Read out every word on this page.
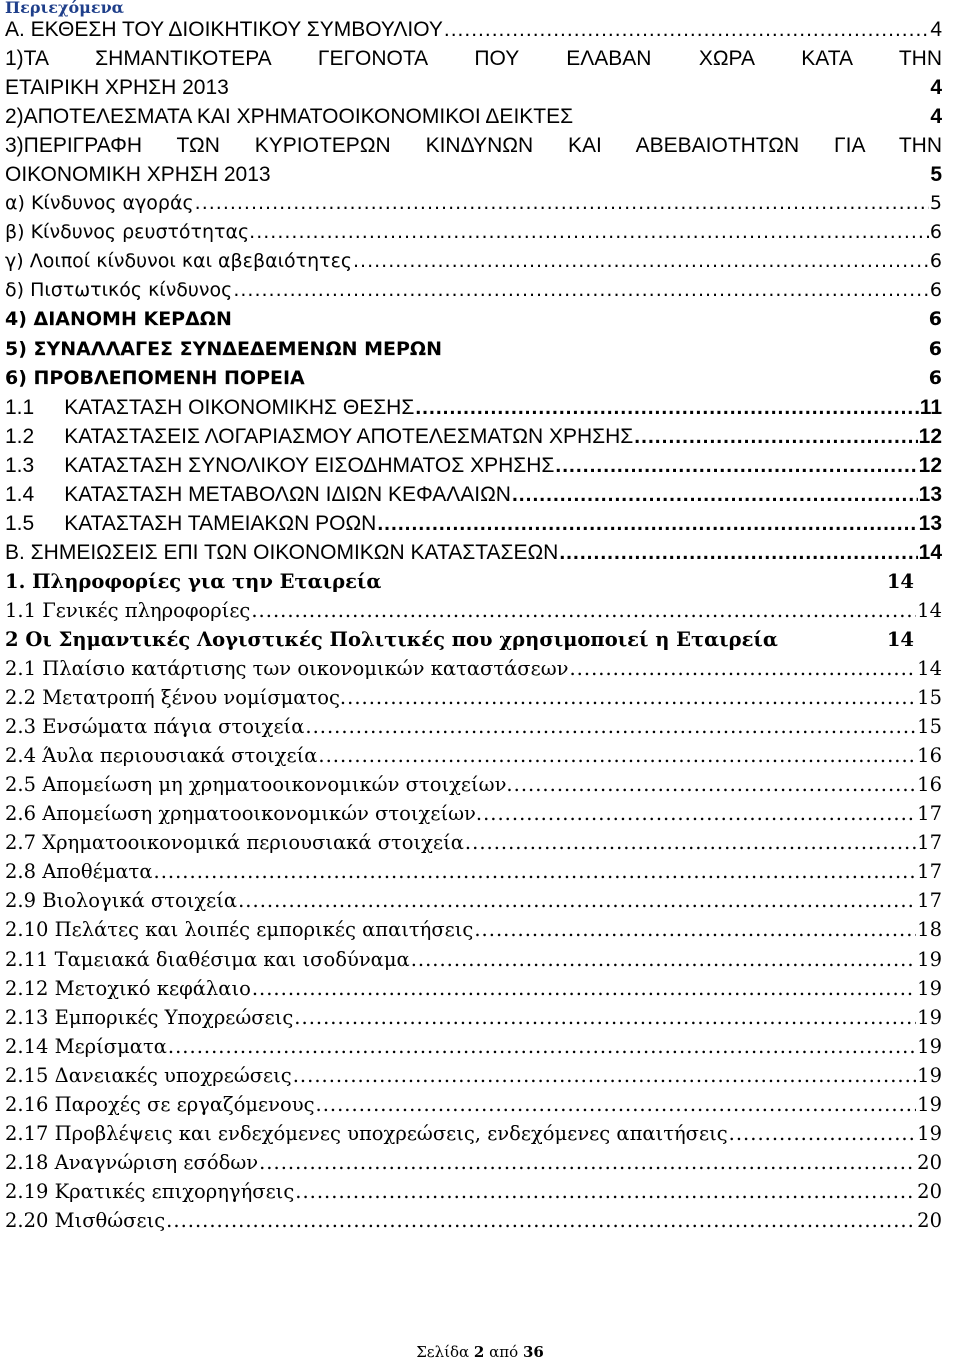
Περιεχόμενα
Α. ΕΚΘΕΣΗ ΤΟΥ ΔΙΟΙΚΗΤΙΚΟΥ ΣΥΜΒΟΥΛΙΟΥ .....	4
1)ΤΑ ΣΗΜΑΝΤΙΚΟΤΕΡΑ ΓΕΓΟΝΟΤΑ ΠΟΥ ΕΛΑΒΑΝ ΧΩΡΑ ΚΑΤΑ ΤΗΝ
ΕΤΑΙΡΙΚΗ ΧΡΗΣΗ 2013	4
2)ΑΠΟΤΕΛΕΣΜΑΤΑ ΚΑΙ ΧΡΗΜΑΤΟΟΙΚΟΝΟΜΙΚΟΙ ΔΕΙΚΤΕΣ	4
3)ΠΕΡΙΓΡΑΦΗ ΤΩΝ ΚΥΡΙΟΤΕΡΩΝ ΚΙΝΔΥΝΩΝ ΚΑΙ ΑΒΕΒΑΙΟΤΗΤΩΝ ΓΙΑ ΤΗΝ
ΟΙΚΟΝΟΜΙΚΗ ΧΡΗΣΗ 2013	5
α) Κίνδυνος αγοράς .....	5
β) Κίνδυνος ρευστότητας. .....	6
γ) Λοιποί κίνδυνοι και αβεβαιότητες .....	6
δ) Πιστωτικός κίνδυνος .....	6
4) ΔΙΑΝΟΜΗ ΚΕΡΔΩΝ	6
5) ΣΥΝΑΛΛΑΓΕΣ ΣΥΝΔΕΔΕΜΕΝΩΝ ΜΕΡΩΝ	6
6) ΠΡΟΒΛΕΠΟΜΕΝΗ ΠΟΡΕΙΑ	6
1.1 ΚΑΤΑΣΤΑΣΗ ΟΙΚΟΝΟΜΙΚΗΣ ΘΕΣΗΣ .....	11
1.2 ΚΑΤΑΣΤΑΣΕΙΣ ΛΟΓΑΡΙΑΣΜΟΥ ΑΠΟΤΕΛΕΣΜΑΤΩΝ ΧΡΗΣΗΣ .....	12
1.3 ΚΑΤΑΣΤΑΣΗ ΣΥΝΟΛΙΚΟΥ ΕΙΣΟΔΗΜΑΤΟΣ ΧΡΗΣΗΣ .....	12
1.4 ΚΑΤΑΣΤΑΣΗ ΜΕΤΑΒΟΛΩΝ ΙΔΙΩΝ ΚΕΦΑΛΑΙΩΝ .....	13
1.5 ΚΑΤΑΣΤΑΣΗ ΤΑΜΕΙΑΚΩΝ ΡΟΩΝ .....	13
Β. ΣΗΜΕΙΩΣΕΙΣ ΕΠΙ ΤΩΝ ΟΙΚΟΝΟΜΙΚΩΝ ΚΑΤΑΣΤΑΣΕΩΝ .....	14
1. Πληροφορίες για την Εταιρεία	14
1.1 Γενικές πληροφορίες .....	14
2 Οι Σημαντικές Λογιστικές Πολιτικές που χρησιμοποιεί η Εταιρεία	14
2.1 Πλαίσιο κατάρτισης των οικονομικών καταστάσεων .....	14
2.2 Μετατροπή ξένου νομίσματος. .....	15
2.3 Ενσώματα πάγια στοιχεία .....	15
2.4 Άυλα περιουσιακά στοιχεία .....	16
2.5 Απομείωση μη χρηματοοικονομικών στοιχείων. .....	16
2.6 Απομείωση χρηματοοικονομικών στοιχείων. .....	17
2.7 Χρηματοοικονομικά περιουσιακά στοιχεία .....	17
2.8 Αποθέματα .....	17
2.9 Βιολογικά στοιχεία .....	17
2.10 Πελάτες και λοιπές εμπορικές απαιτήσεις .....	18
2.11 Ταμειακά διαθέσιμα και ισοδύναμα .....	19
2.12 Μετοχικό κεφάλαιο .....	19
2.13 Εμπορικές Υποχρεώσεις .....	19
2.14 Μερίσματα .....	19
2.15 Δανειακές υποχρεώσεις .....	19
2.16 Παροχές σε εργαζόμενους .....	19
2.17 Προβλέψεις και ενδεχόμενες υποχρεώσεις, ενδεχόμενες απαιτήσεις .....	19
2.18 Αναγνώριση εσόδων .....	20
2.19 Κρατικές επιχορηγήσεις .....	20
2.20 Μισθώσεις .....	20
Σελίδα 2 από 36
